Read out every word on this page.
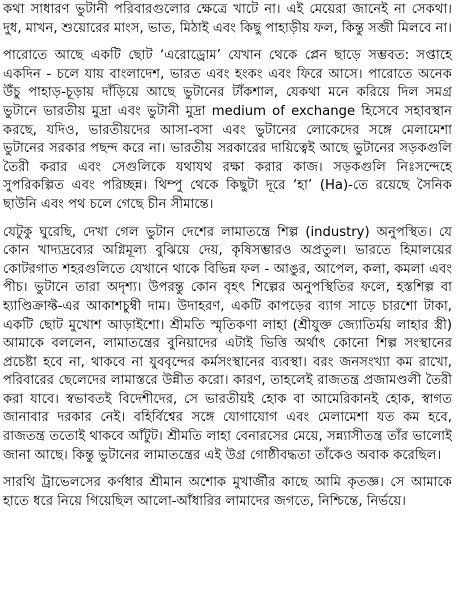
কথা সাধারণ ভুটানী পরিবারগুলোর ক্ষেত্রে খাটে না। এই মেয়েরা জানেই না সেকথা। দুধ, মাখন, শুয়োরের মাংস, ভাত, মিঠাই এবং কিছু পাহাড়ীয় ফল, কিন্তু সব্জী মিলবে না।

পারোতে আছে একটি ছোট ‘এরোড্রোম’ যেখান থেকে প্লেন ছাড়ে সম্ভবত: সপ্তাহে একদিন - চলে যায় বাংলাদেশ, ভারত এবং হংকং এবং ফিরে আসে। পারোতে অনেক উঁচু পাহাড়-চূড়ায় দাঁড়িয়ে আছে ভুটানের টাঁকশাল, যেকথা মনে করিয়ে দিল সমগ্র ভুটানে ভারতীয় মুদ্রা এবং ভুটানী মুদ্রা medium of exchange হিসেবে সহাবস্থান করছে, যদিও, ভারতীয়দের আসা-বসা এবং ভুটানের লোকেদের সঙ্গে মেলামেশা ভুটানের সরকার পছন্দ করে না। ভারতীয় সরকারের দায়িত্বেই আছে ভুটানের সড়কগুলি তৈরী করার এবং সেগুলিকে যথাযথ রক্ষা করার কাজ। সড়কগুলি নিঃসন্দেহে সুপরিকল্পিত এবং পরিচ্ছন্ন। থিম্পু থেকে কিছুটা দূরে ‘হা’ (Ha)-তে রয়েছে সৈনিক ছাউনি এবং পথ চলে গেছে চীন সীমান্তে।

যেটুকু ঘুরেছি, দেখা গেল ভুটান দেশের লামাতন্ত্রে শিল্প (industry) অনুপস্থিত। যে কোন খাদ্যদ্রব্যের অগ্নিমূল্য বুঝিয়ে দেয়, কৃষিসম্ভারও অপ্রতুল। ভারতে হিমালয়ের কোটরগাত শহরগুলিতে যেখানে থাকে বিভিন্ন ফল - আঙুর, আপেল, কলা, কমলা এবং পীচ। ভুটানে তারা অদৃশ্য। উপরন্তু কোন বৃহৎ শিল্পের অনুপস্থিতির ফলে, হস্তশিল্প বা হ্যাণ্ডিক্রাফ্ট-এর আকাশচুম্বী দাম। উদাহরণ, একটি কাপড়ের ব্যাগ সাড়ে চারশো টাকা, একটি ছোট মুখোশ আড়াইশো। শ্রীমতি স্মৃতিকণা লাহা (শ্রীযুক্ত জ্যোতির্ময় লাহার স্ত্রী) আমাকে বললেন, লামাতন্ত্রের বুনিয়াদের এটাই ভিত্তি অর্থাৎ কোনো শিল্প সংস্থানের প্রচেষ্টা হবে না, থাকবে না যুববৃন্দের কর্মসংস্থানের ব্যবস্থা। বরং জনসংখ্যা কম রাখো, পরিবারের ছেলেদের লামাস্তরে উন্নীত করো। কারণ, তাহলেই রাজতন্ত্র প্রজামণ্ডলী তৈরী করা যাবে। স্বভাবতই বিদেশীদের, সে ভারতীয়ই হোক বা আমেরিকানই হোক, স্বাগত জানাবার দরকার নেই। বহির্বিশ্বের সঙ্গে যোগাযোগ এবং মেলামেশা যত কম হবে, রাজতন্ত্র ততোই থাকবে আঁটুট। শ্রীমতি লাহা বেনারসের মেয়ে, সন্ন্যাসীতন্ত্র তাঁর ভালোই জানা আছে। কিন্তু ভুটানের লামাতন্ত্রের এই উগ্র গোষ্ঠীবদ্ধতা তাঁকেও অবাক করেছিল।

সারথি ট্রাভেলসের কর্ণধার শ্রীমান অশোক মুখার্জীর কাছে আমি কৃতজ্ঞ। সে আমাকে হাতে ধরে নিয়ে গিয়েছিল আলো-আঁধারির লামাদের জগতে, নিশ্চিন্তে, নির্ভয়ে।
